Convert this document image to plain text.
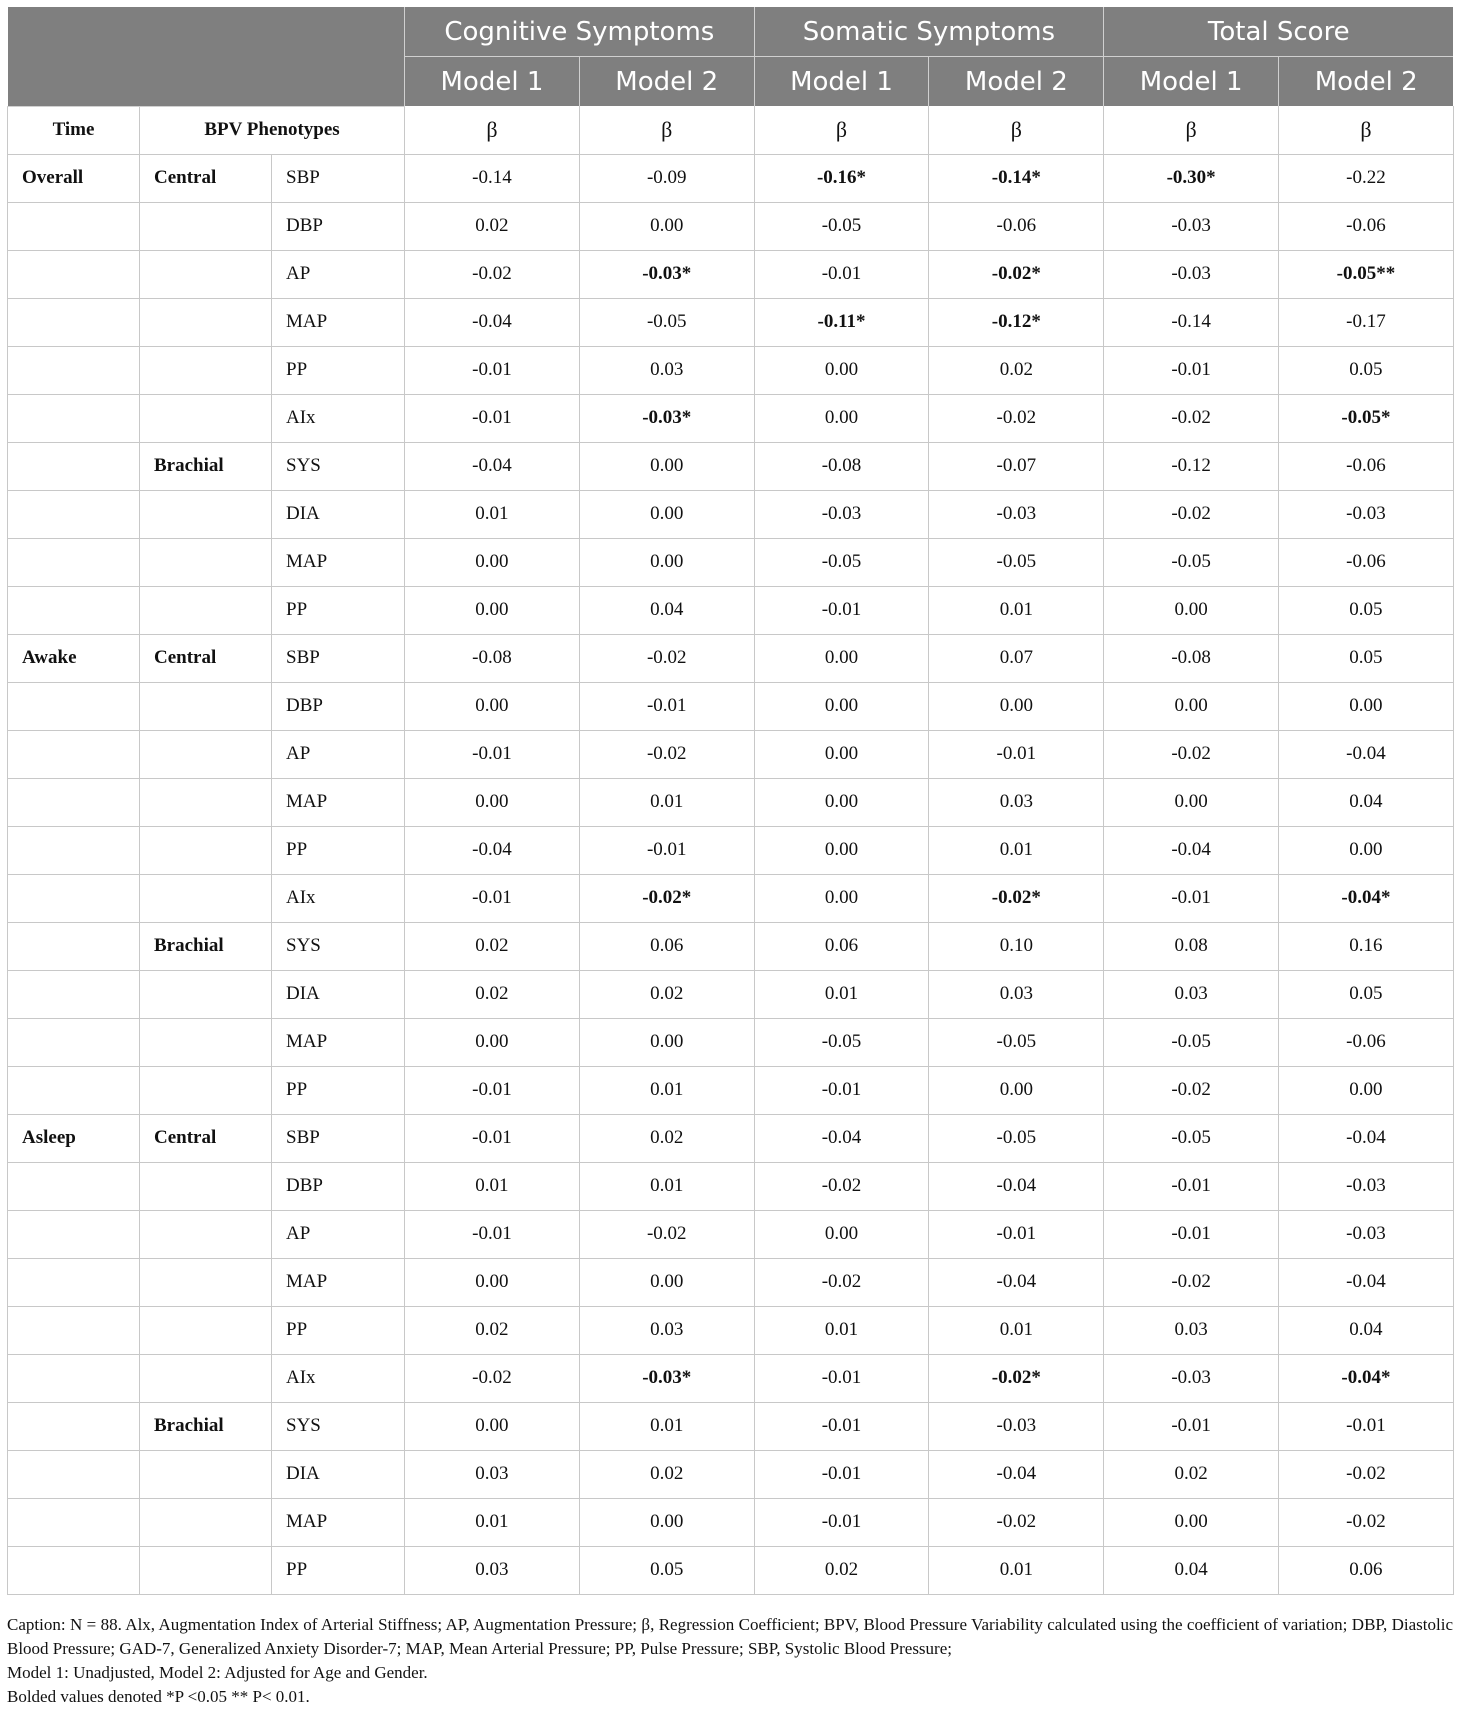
			Cognitive Symptoms		Somatic Symptoms		Total Score	
			Model 1	Model 2	Model 1	Model 2	Model 1	Model 2
Time	BPV Phenotypes		β	β	β	β	β	β
Overall	Central	SBP	-0.14	-0.09	-0.16*	-0.14*	-0.30*	-0.22
		DBP	0.02	0.00	-0.05	-0.06	-0.03	-0.06
		AP	-0.02	-0.03*	-0.01	-0.02*	-0.03	-0.05**
		MAP	-0.04	-0.05	-0.11*	-0.12*	-0.14	-0.17
		PP	-0.01	0.03	0.00	0.02	-0.01	0.05
		AIx	-0.01	-0.03*	0.00	-0.02	-0.02	-0.05*
	Brachial	SYS	-0.04	0.00	-0.08	-0.07	-0.12	-0.06
		DIA	0.01	0.00	-0.03	-0.03	-0.02	-0.03
		MAP	0.00	0.00	-0.05	-0.05	-0.05	-0.06
		PP	0.00	0.04	-0.01	0.01	0.00	0.05
Awake	Central	SBP	-0.08	-0.02	0.00	0.07	-0.08	0.05
		DBP	0.00	-0.01	0.00	0.00	0.00	0.00
		AP	-0.01	-0.02	0.00	-0.01	-0.02	-0.04
		MAP	0.00	0.01	0.00	0.03	0.00	0.04
		PP	-0.04	-0.01	0.00	0.01	-0.04	0.00
		AIx	-0.01	-0.02*	0.00	-0.02*	-0.01	-0.04*
	Brachial	SYS	0.02	0.06	0.06	0.10	0.08	0.16
		DIA	0.02	0.02	0.01	0.03	0.03	0.05
		MAP	0.00	0.00	-0.05	-0.05	-0.05	-0.06
		PP	-0.01	0.01	-0.01	0.00	-0.02	0.00
Asleep	Central	SBP	-0.01	0.02	-0.04	-0.05	-0.05	-0.04
		DBP	0.01	0.01	-0.02	-0.04	-0.01	-0.03
		AP	-0.01	-0.02	0.00	-0.01	-0.01	-0.03
		MAP	0.00	0.00	-0.02	-0.04	-0.02	-0.04
		PP	0.02	0.03	0.01	0.01	0.03	0.04
		AIx	-0.02	-0.03*	-0.01	-0.02*	-0.03	-0.04*
	Brachial	SYS	0.00	0.01	-0.01	-0.03	-0.01	-0.01
		DIA	0.03	0.02	-0.01	-0.04	0.02	-0.02
		MAP	0.01	0.00	-0.01	-0.02	0.00	-0.02
		PP	0.03	0.05	0.02	0.01	0.04	0.06

Caption: N = 88. Alx, Augmentation Index of Arterial Stiffness; AP, Augmentation Pressure; β, Regression Coefficient; BPV, Blood Pressure Variability calculated using the coefficient of variation; DBP, Diastolic Blood Pressure; GAD-7, Generalized Anxiety Disorder-7; MAP, Mean Arterial Pressure; PP, Pulse Pressure; SBP, Systolic Blood Pressure;

Model 1: Unadjusted, Model 2: Adjusted for Age and Gender.

Bolded values denoted *P <0.05 ** P< 0.01.
